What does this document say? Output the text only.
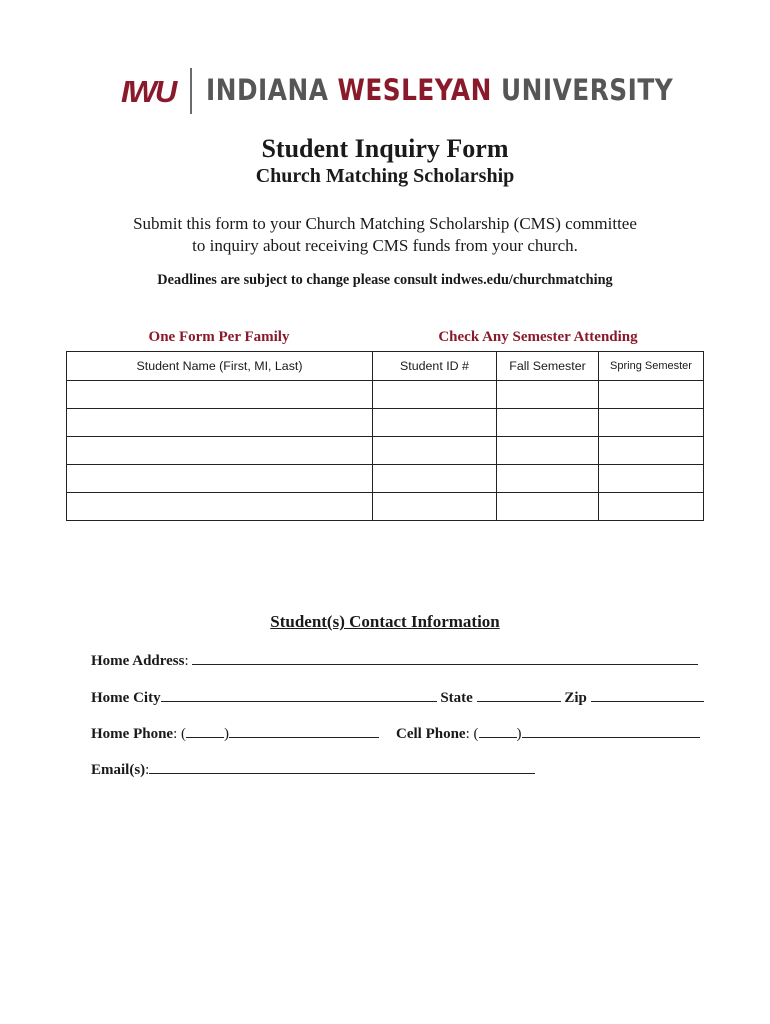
IWU INDIANA WESLEYAN UNIVERSITY
Student Inquiry Form
Church Matching Scholarship
Submit this form to your Church Matching Scholarship (CMS) committee
to inquiry about receiving CMS funds from your church.
Deadlines are subject to change please consult indwes.edu/churchmatching
One Form Per Family	Check Any Semester Attending
Student Name (First, MI, Last)	Student ID #	Fall Semester	Spring Semester

Student(s) Contact Information
Home Address:
Home City	State	Zip
Home Phone: (	)	Cell Phone: (	)
Email(s):
